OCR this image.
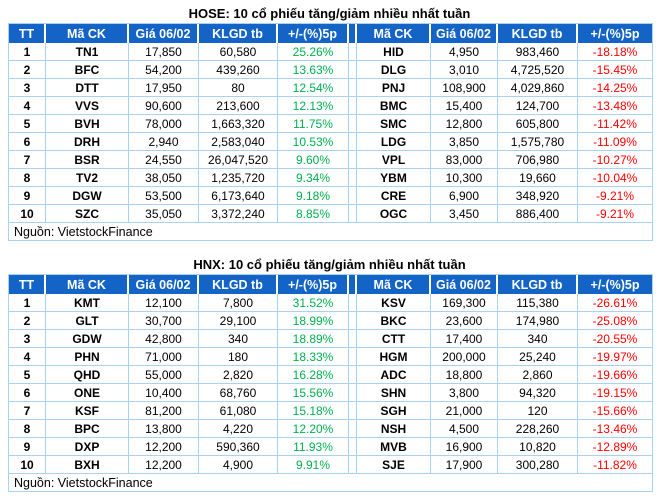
HOSE: 10 cổ phiếu tăng/giảm nhiều nhất tuần
TT	Mã CK	Giá 06/02	KLGD tb	+/-(%)5p		Mã CK	Giá 06/02	KLGD tb	+/-(%)5p
1	TN1	17,850	60,580	25.26%		HID	4,950	983,460	-18.18%
2	BFC	54,200	439,260	13.63%		DLG	3,010	4,725,520	-15.45%
3	DTT	17,950	80	12.54%		PNJ	108,900	4,029,860	-14.25%
4	VVS	90,600	213,600	12.13%		BMC	15,400	124,700	-13.48%
5	BVH	78,000	1,663,320	11.75%		SMC	12,800	605,800	-11.42%
6	DRH	2,940	2,583,040	10.53%		LDG	3,850	1,575,780	-11.09%
7	BSR	24,550	26,047,520	9.60%		VPL	83,000	706,980	-10.27%
8	TV2	38,050	1,235,720	9.34%		YBM	10,300	19,660	-10.04%
9	DGW	53,500	6,173,640	9.18%		CRE	6,900	348,920	-9.21%
10	SZC	35,050	3,372,240	8.85%		OGC	3,450	886,400	-9.21%
Nguồn: VietstockFinance									
HNX: 10 cổ phiếu tăng/giảm nhiều nhất tuần
TT	Mã CK	Giá 06/02	KLGD tb	+/-(%)5p		Mã CK	Giá 06/02	KLGD tb	+/-(%)5p
1	KMT	12,100	7,800	31.52%		KSV	169,300	115,380	-26.61%
2	GLT	30,700	29,100	18.99%		BKC	23,600	174,980	-25.08%
3	GDW	42,800	340	18.89%		CTT	17,400	340	-20.55%
4	PHN	71,000	180	18.33%		HGM	200,000	25,240	-19.97%
5	QHD	55,000	2,820	16.28%		ADC	18,800	2,860	-19.66%
6	ONE	10,400	68,760	15.56%		SHN	3,800	94,320	-19.15%
7	KSF	81,200	61,080	15.18%		SGH	21,000	120	-15.66%
8	BPC	13,800	4,220	12.20%		NSH	4,500	228,260	-13.46%
9	DXP	12,200	590,360	11.93%		MVB	16,900	10,820	-12.89%
10	BXH	12,200	4,900	9.91%		SJE	17,900	300,280	-11.82%
Nguồn: VietstockFinance									
